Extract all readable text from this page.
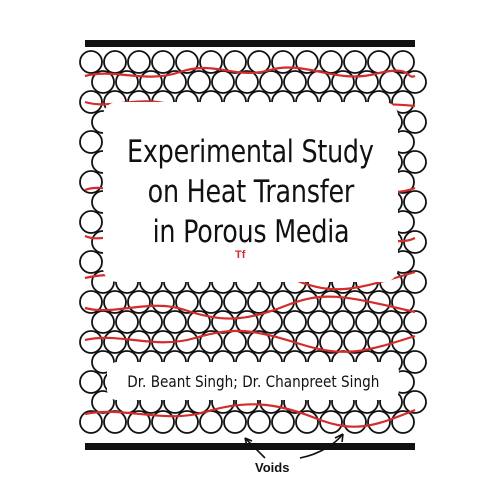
Experimental Study
on Heat Transfer
in Porous Media
Tf
Dr. Beant Singh; Dr. Chanpreet Singh
Voids
